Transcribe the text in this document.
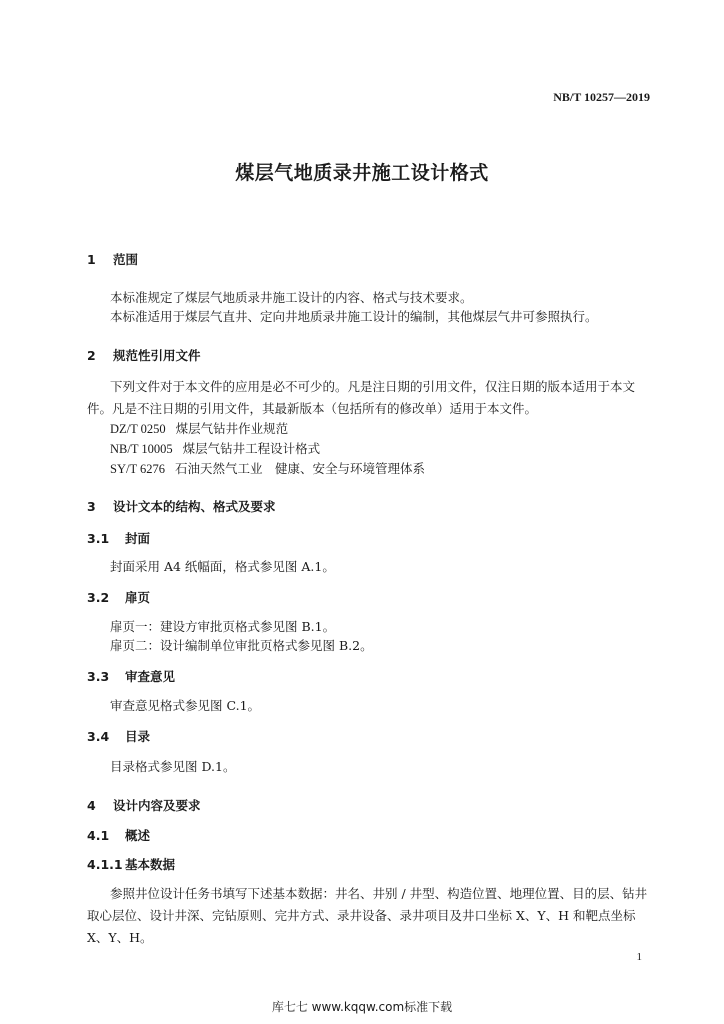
NB/T 10257—2019
煤层气地质录井施工设计格式
1 范围
本标准规定了煤层气地质录井施工设计的内容、格式与技术要求。
本标准适用于煤层气直井、定向井地质录井施工设计的编制，其他煤层气井可参照执行。
2 规范性引用文件
下列文件对于本文件的应用是必不可少的。凡是注日期的引用文件，仅注日期的版本适用于本文件。凡是不注日期的引用文件，其最新版本（包括所有的修改单）适用于本文件。
DZ/T 0250 煤层气钻井作业规范
NB/T 10005 煤层气钻井工程设计格式
SY/T 6276 石油天然气工业　健康、安全与环境管理体系
3 设计文本的结构、格式及要求
3.1 封面
封面采用 A4 纸幅面，格式参见图 A.1。
3.2 扉页
扉页一：建设方审批页格式参见图 B.1。
扉页二：设计编制单位审批页格式参见图 B.2。
3.3 审查意见
审查意见格式参见图 C.1。
3.4 目录
目录格式参见图 D.1。
4 设计内容及要求
4.1 概述
4.1.1 基本数据
参照井位设计任务书填写下述基本数据：井名、井别 / 井型、构造位置、地理位置、目的层、钻井取心层位、设计井深、完钻原则、完井方式、录井设备、录井项目及井口坐标 X、Y、H 和靶点坐标 X、Y、H。
1
库七七 www.kqqw.com标准下载
